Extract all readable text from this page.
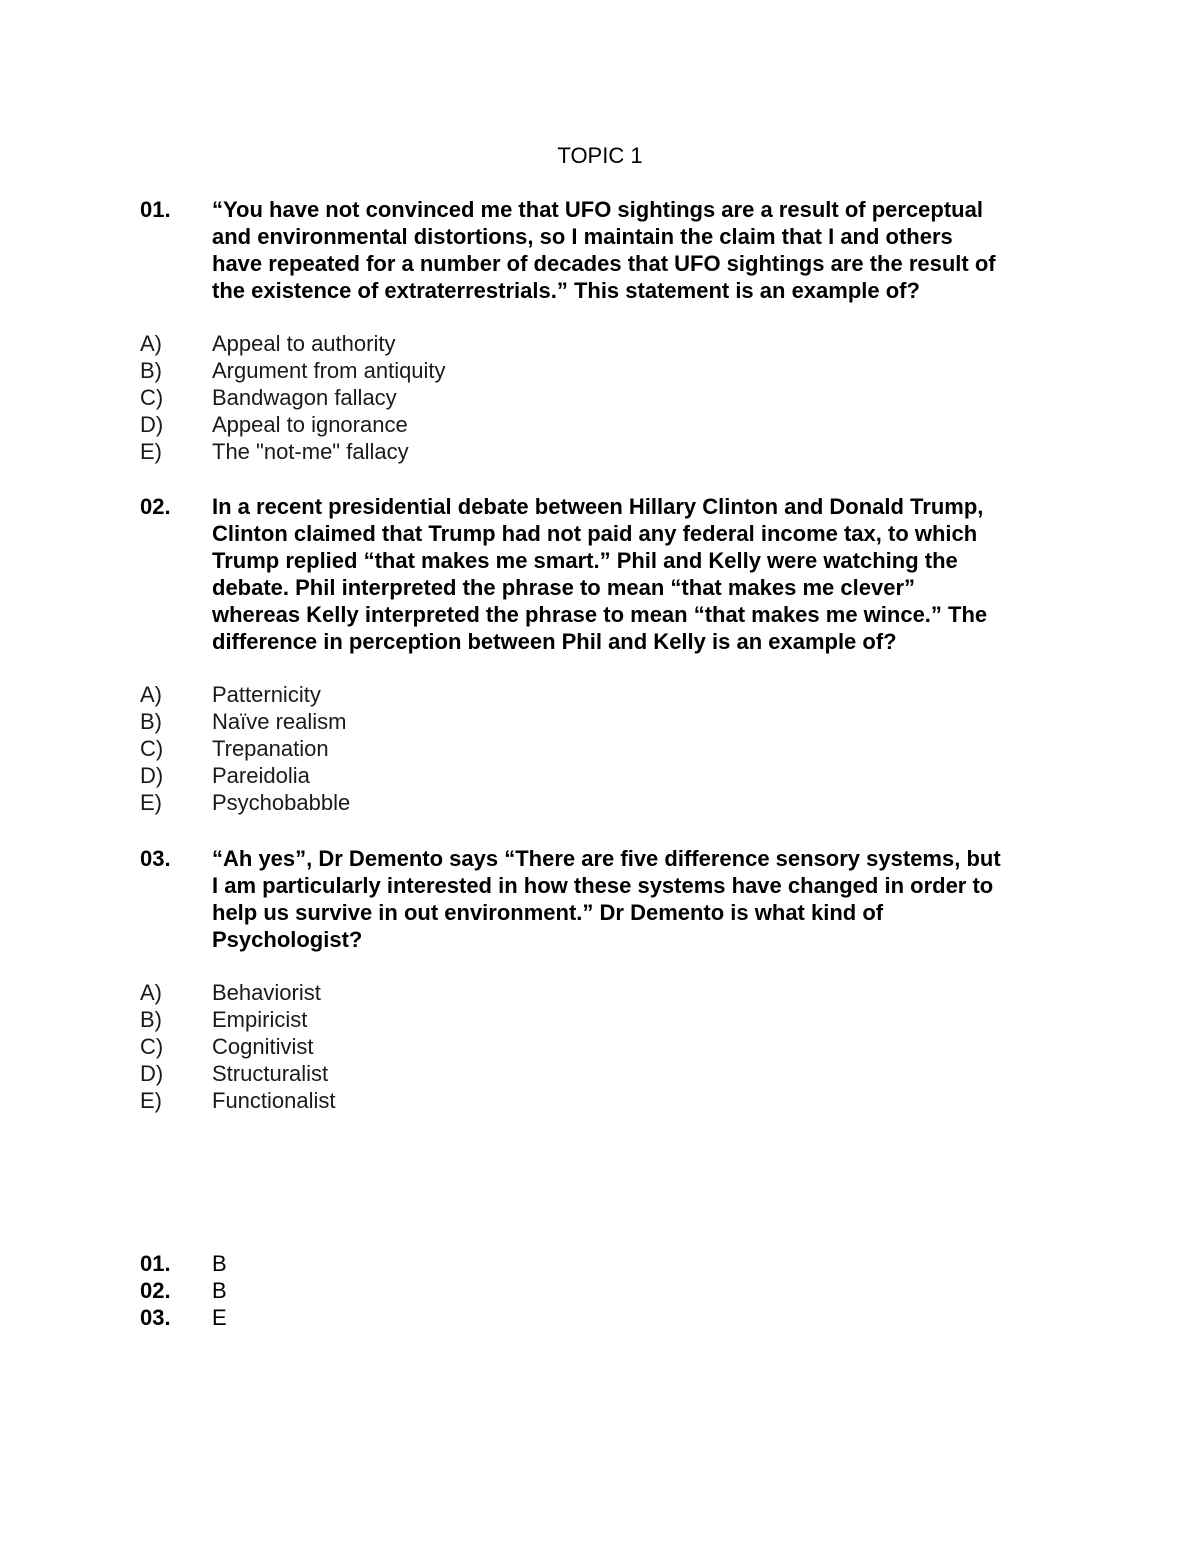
TOPIC 1
01. “You have not convinced me that UFO sightings are a result of perceptual
and environmental distortions, so I maintain the claim that I and others
have repeated for a number of decades that UFO sightings are the result of
the existence of extraterrestrials.” This statement is an example of?
A) Appeal to authority
B) Argument from antiquity
C) Bandwagon fallacy
D) Appeal to ignorance
E) The "not-me" fallacy
02. In a recent presidential debate between Hillary Clinton and Donald Trump,
Clinton claimed that Trump had not paid any federal income tax, to which
Trump replied “that makes me smart.” Phil and Kelly were watching the
debate. Phil interpreted the phrase to mean “that makes me clever”
whereas Kelly interpreted the phrase to mean “that makes me wince.” The
difference in perception between Phil and Kelly is an example of?
A) Patternicity
B) Naïve realism
C) Trepanation
D) Pareidolia
E) Psychobabble
03. “Ah yes”, Dr Demento says “There are five difference sensory systems, but
I am particularly interested in how these systems have changed in order to
help us survive in out environment.” Dr Demento is what kind of
Psychologist?
A) Behaviorist
B) Empiricist
C) Cognitivist
D) Structuralist
E) Functionalist
01. B
02. B
03. E
